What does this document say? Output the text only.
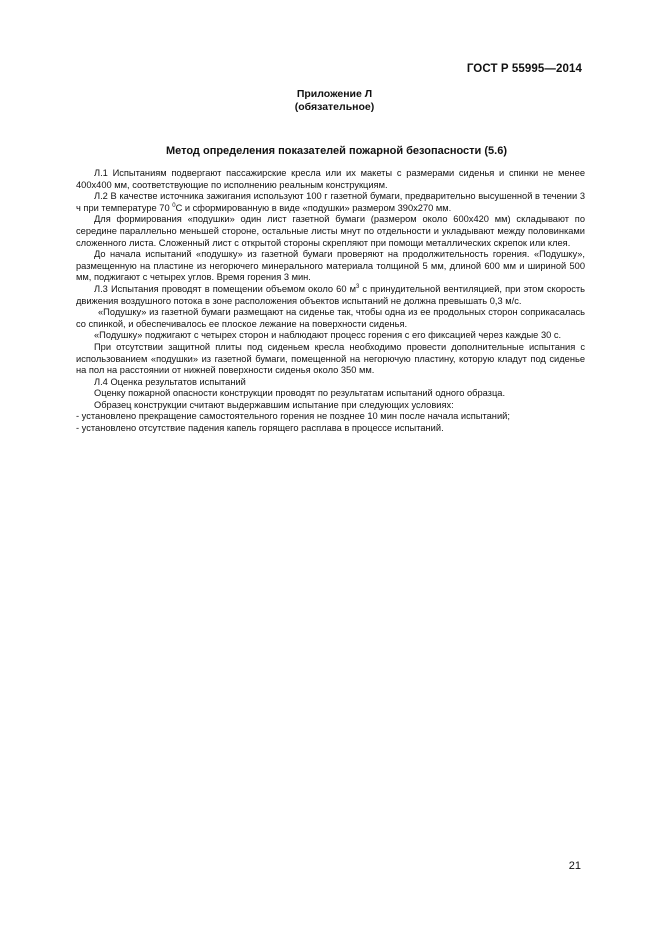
ГОСТ Р 55995—2014
Приложение Л
(обязательное)
Метод определения показателей пожарной безопасности (5.6)

Л.1 Испытаниям подвергают пассажирские кресла или их макеты с размерами сиденья и спинки не менее 400х400 мм, соответствующие по исполнению реальным конструкциям.

Л.2 В качестве источника зажигания используют 100 г газетной бумаги, предварительно высушенной в течении 3 ч при температуре 70 $^0$С и сформированную в виде «подушки» размером 390х270 мм.

Для формирования «подушки» один лист газетной бумаги (размером около 600х420 мм) складывают по середине параллельно меньшей стороне, остальные листы мнут по отдельности и укладывают между половинками сложенного листа. Сложенный лист с открытой стороны скрепляют при помощи металлических скрепок или клея.

До начала испытаний «подушку» из газетной бумаги проверяют на продолжительность горения. «Подушку», размещенную на пластине из негорючего минерального материала толщиной 5 мм, длиной 600 мм и шириной 500 мм, поджигают с четырех углов. Время горения 3 мин.

Л.3 Испытания проводят в помещении объемом около 60 $м^3$ с принудительной вентиляцией, при этом скорость движения воздушного потока в зоне расположения объектов испытаний не должна превышать 0,3 м/с.

«Подушку» из газетной бумаги размещают на сиденье так, чтобы одна из ее продольных сторон соприкасалась со спинкой, и обеспечивалось ее плоское лежание на поверхности сиденья.

«Подушку» поджигают с четырех сторон и наблюдают процесс горения с его фиксацией через каждые 30 с.

При отсутствии защитной плиты под сиденьем кресла необходимо провести дополнительные испытания с использованием «подушки» из газетной бумаги, помещенной на негорючую пластину, которую кладут под сиденье на пол на расстоянии от нижней поверхности сиденья около 350 мм.

Л.4 Оценка результатов испытаний

Оценку пожарной опасности конструкции проводят по результатам испытаний одного образца.

Образец конструкции считают выдержавшим испытание при следующих условиях:

- установлено прекращение самостоятельного горения не позднее 10 мин после начала испытаний;

- установлено отсутствие падения капель горящего расплава в процессе испытаний.

21
